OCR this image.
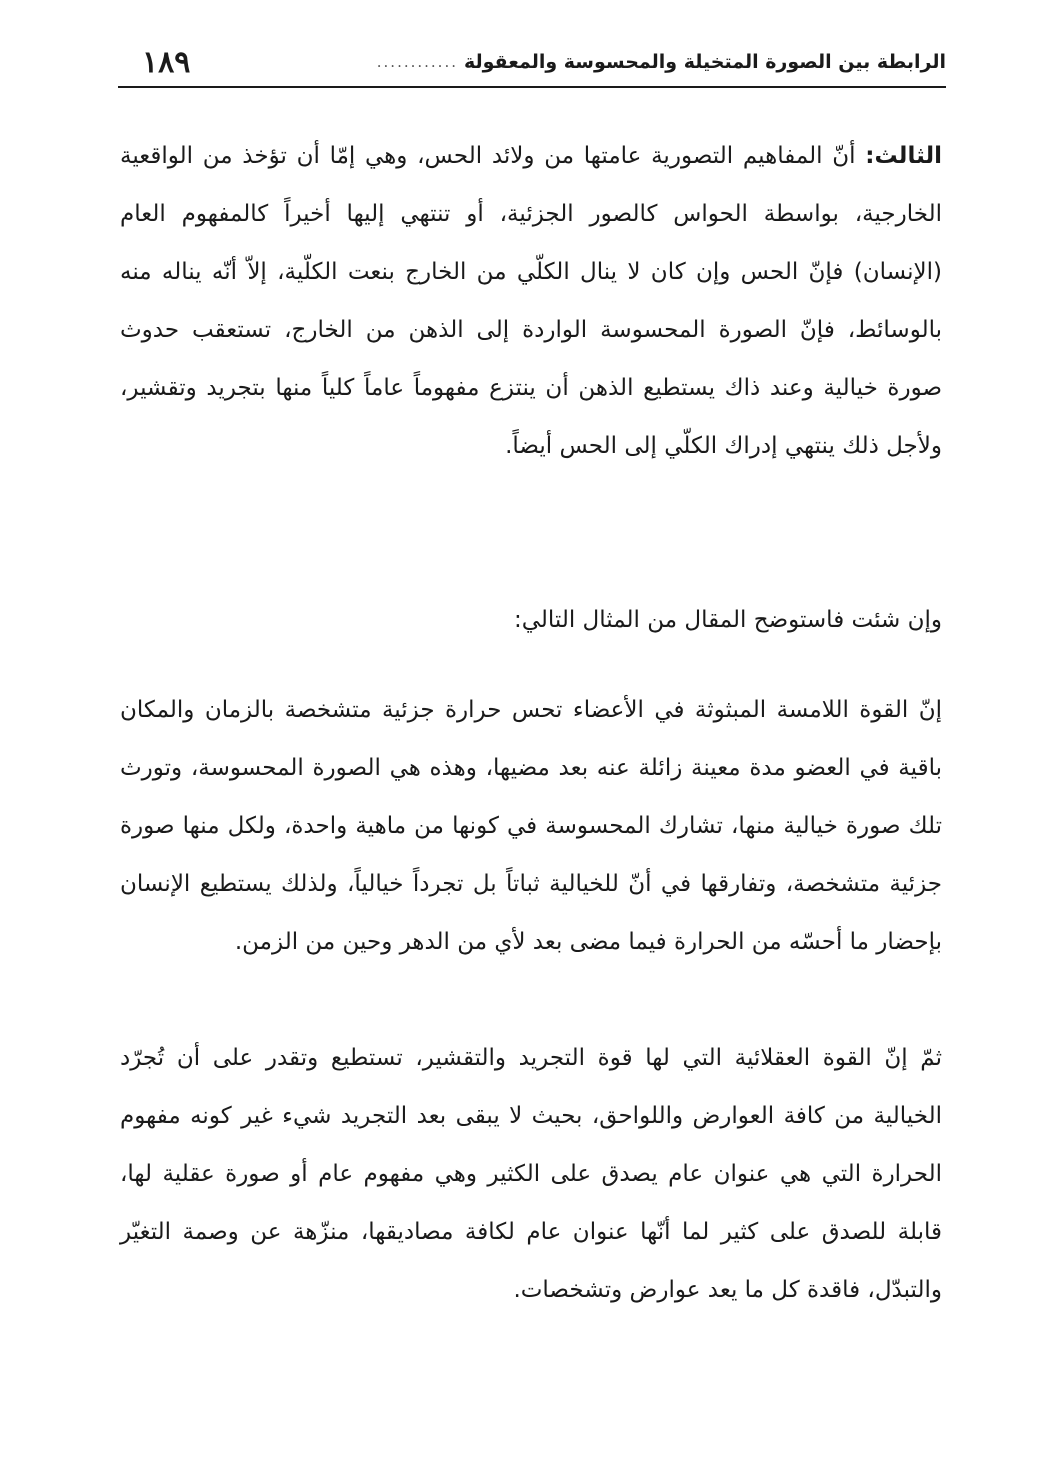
١٨٩	الرابطة بين الصورة المتخيلة والمحسوسة والمعقولة
............

الثالث: أنّ المفاهيم التصورية عامتها من ولائد الحس، وهي إمّا أن تؤخذ من الواقعية الخارجية، بواسطة الحواس كالصور الجزئية، أو تنتهي إليها أخيراً كالمفهوم العام (الإنسان) فإنّ الحس وإن كان لا ينال الكلّي من الخارج بنعت الكلّية، إلاّ أنّه يناله منه بالوسائط، فإنّ الصورة المحسوسة الواردة إلى الذهن من الخارج، تستعقب حدوث صورة خيالية وعند ذاك يستطيع الذهن أن ينتزع مفهوماً عاماً كلياً منها بتجريد وتقشير، ولأجل ذلك ينتهي إدراك الكلّي إلى الحس أيضاً.

وإن شئت فاستوضح المقال من المثال التالي:

إنّ القوة اللامسة المبثوثة في الأعضاء تحس حرارة جزئية متشخصة بالزمان والمكان باقية في العضو مدة معينة زائلة عنه بعد مضيها، وهذه هي الصورة المحسوسة، وتورث تلك صورة خيالية منها، تشارك المحسوسة في كونها من ماهية واحدة، ولكل منها صورة جزئية متشخصة، وتفارقها في أنّ للخيالية ثباتاً بل تجرداً خيالياً، ولذلك يستطيع الإنسان بإحضار ما أحسّه من الحرارة فيما مضى بعد لأي من الدهر وحين من الزمن.

ثمّ إنّ القوة العقلائية التي لها قوة التجريد والتقشير، تستطيع وتقدر على أن تُجرّد الخيالية من كافة العوارض واللواحق، بحيث لا يبقى بعد التجريد شيء غير كونه مفهوم الحرارة التي هي عنوان عام يصدق على الكثير وهي مفهوم عام أو صورة عقلية لها، قابلة للصدق على كثير لما أنّها عنوان عام لكافة مصاديقها، منزّهة عن وصمة التغيّر والتبدّل، فاقدة كل ما يعد عوارض وتشخصات.
